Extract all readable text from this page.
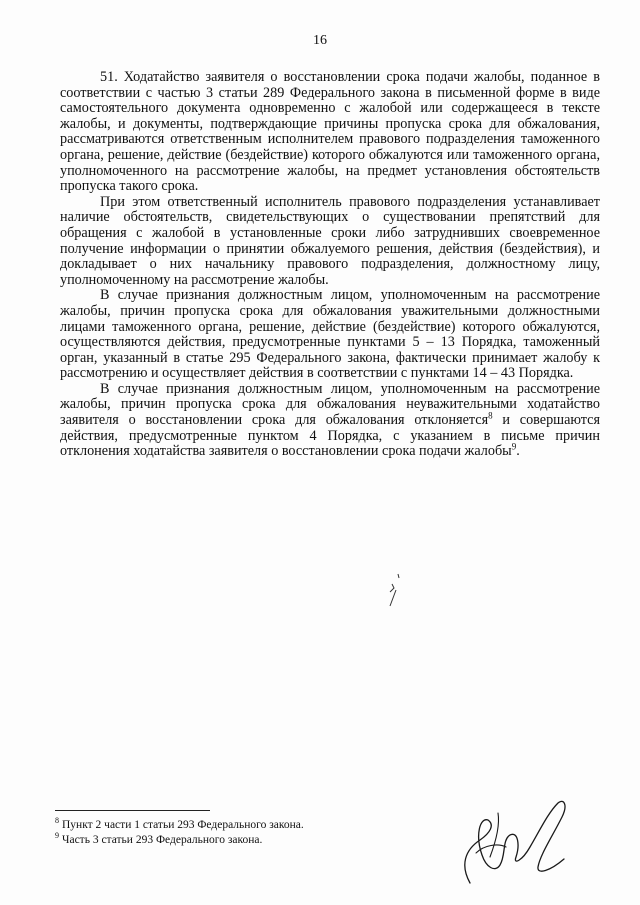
16

51. Ходатайство заявителя о восстановлении срока подачи жалобы, поданное в соответствии с частью 3 статьи 289 Федерального закона в письменной форме в виде самостоятельного документа одновременно с жалобой или содержащееся в тексте жалобы, и документы, подтверждающие причины пропуска срока для обжалования, рассматриваются ответственным исполнителем правового подразделения таможенного органа, решение, действие (бездействие) которого обжалуются или таможенного органа, уполномоченного на рассмотрение жалобы, на предмет установления обстоятельств пропуска такого срока.

При этом ответственный исполнитель правового подразделения устанавливает наличие обстоятельств, свидетельствующих о существовании препятствий для обращения с жалобой в установленные сроки либо затруднивших своевременное получение информации о принятии обжалуемого решения, действия (бездействия), и докладывает о них начальнику правового подразделения, должностному лицу, уполномоченному на рассмотрение жалобы.

В случае признания должностным лицом, уполномоченным на рассмотрение жалобы, причин пропуска срока для обжалования уважительными должностными лицами таможенного органа, решение, действие (бездействие) которого обжалуются, осуществляются действия, предусмотренные пунктами 5 – 13 Порядка, таможенный орган, указанный в статье 295 Федерального закона, фактически принимает жалобу к рассмотрению и осуществляет действия в соответствии с пунктами 14 – 43 Порядка.

В случае признания должностным лицом, уполномоченным на рассмотрение жалобы, причин пропуска срока для обжалования неуважительными ходатайство заявителя о восстановлении срока для обжалования отклоняется$^8$ и совершаются действия, предусмотренные пунктом 4 Порядка, с указанием в письме причин отклонения ходатайства заявителя о восстановлении срока подачи жалобы$^9$.

$^8$ Пункт 2 части 1 статьи 293 Федерального закона.
$^9$ Часть 3 статьи 293 Федерального закона.
